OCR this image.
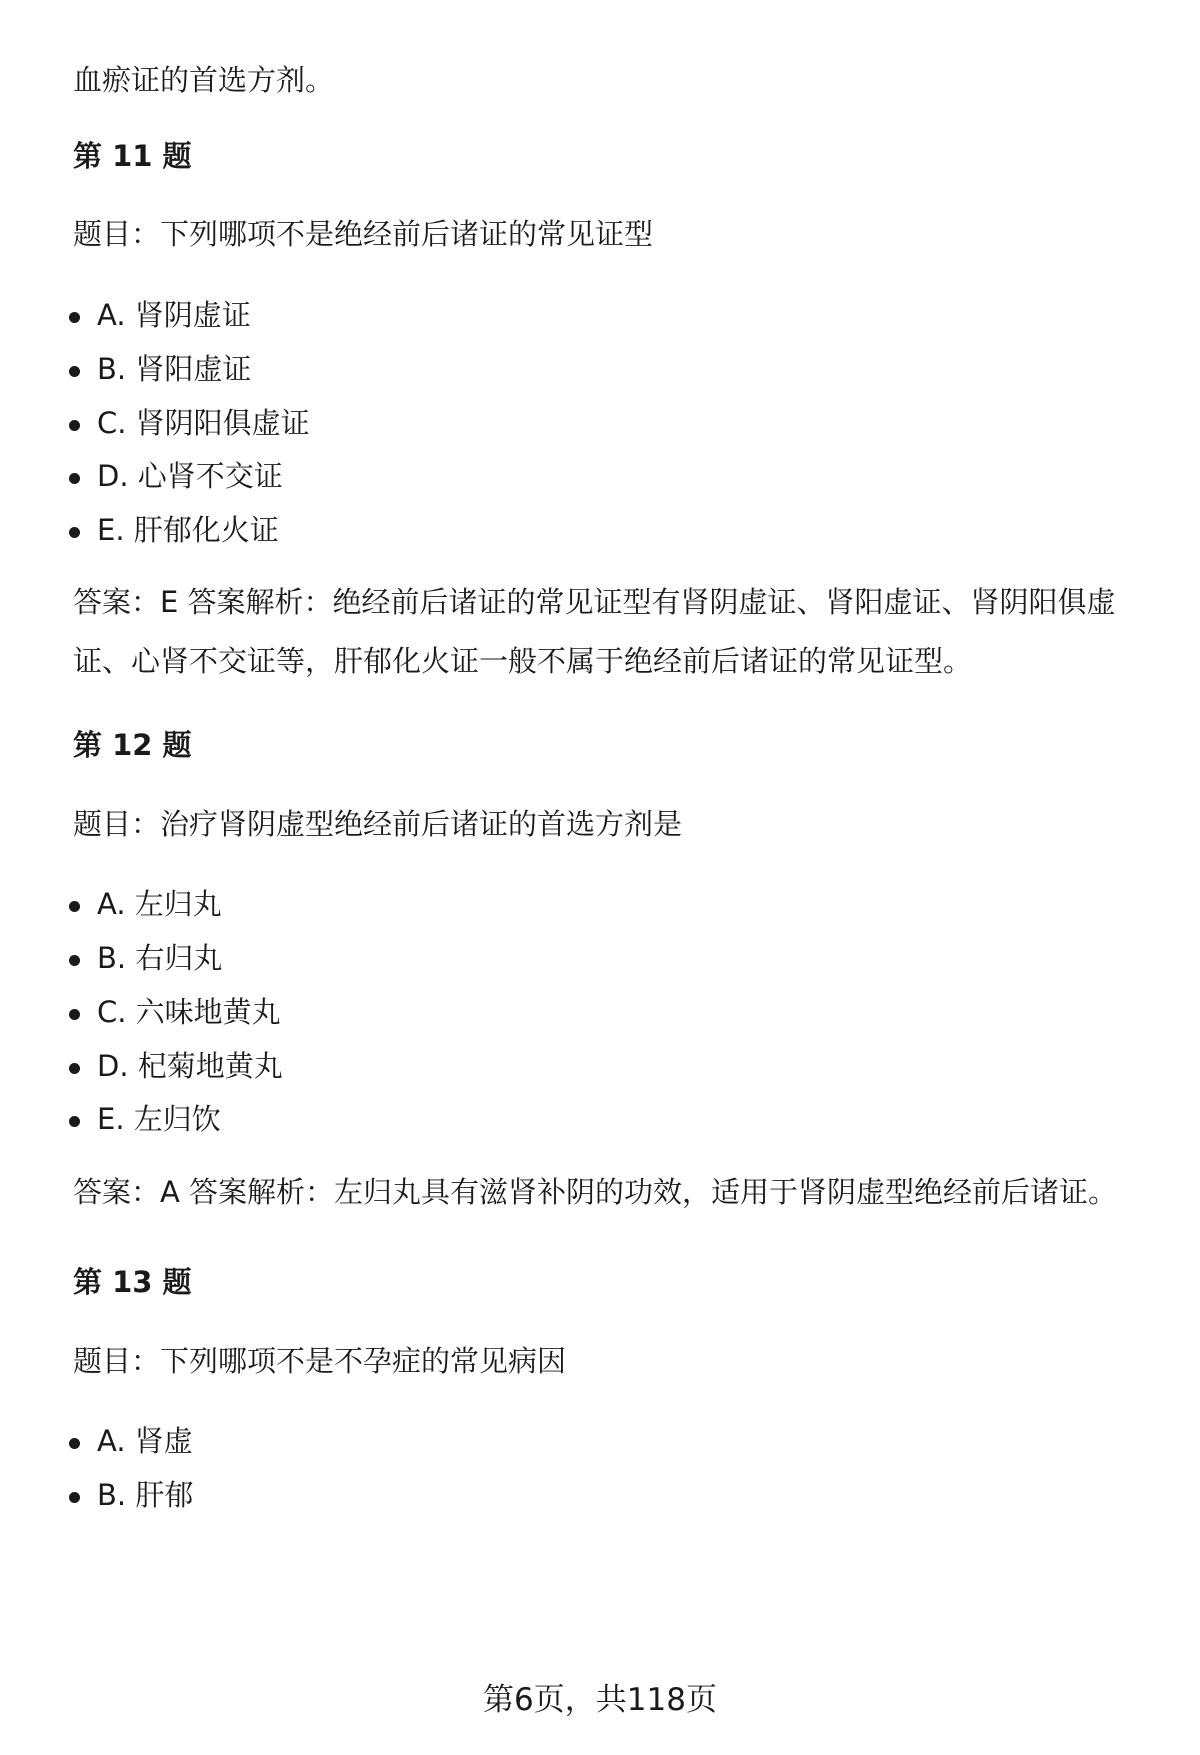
血瘀证的首选方剂。
第 11 题
题目：下列哪项不是绝经前后诸证的常见证型
A. 肾阴虚证
B. 肾阳虚证
C. 肾阴阳俱虚证
D. 心肾不交证
E. 肝郁化火证
答案：E 答案解析：绝经前后诸证的常见证型有肾阴虚证、肾阳虚证、肾阴阳俱虚证、心肾不交证等，肝郁化火证一般不属于绝经前后诸证的常见证型。
第 12 题
题目：治疗肾阴虚型绝经前后诸证的首选方剂是
A. 左归丸
B. 右归丸
C. 六味地黄丸
D. 杞菊地黄丸
E. 左归饮
答案：A 答案解析：左归丸具有滋肾补阴的功效，适用于肾阴虚型绝经前后诸证。
第 13 题
题目：下列哪项不是不孕症的常见病因
A. 肾虚
B. 肝郁
第6页，共118页
